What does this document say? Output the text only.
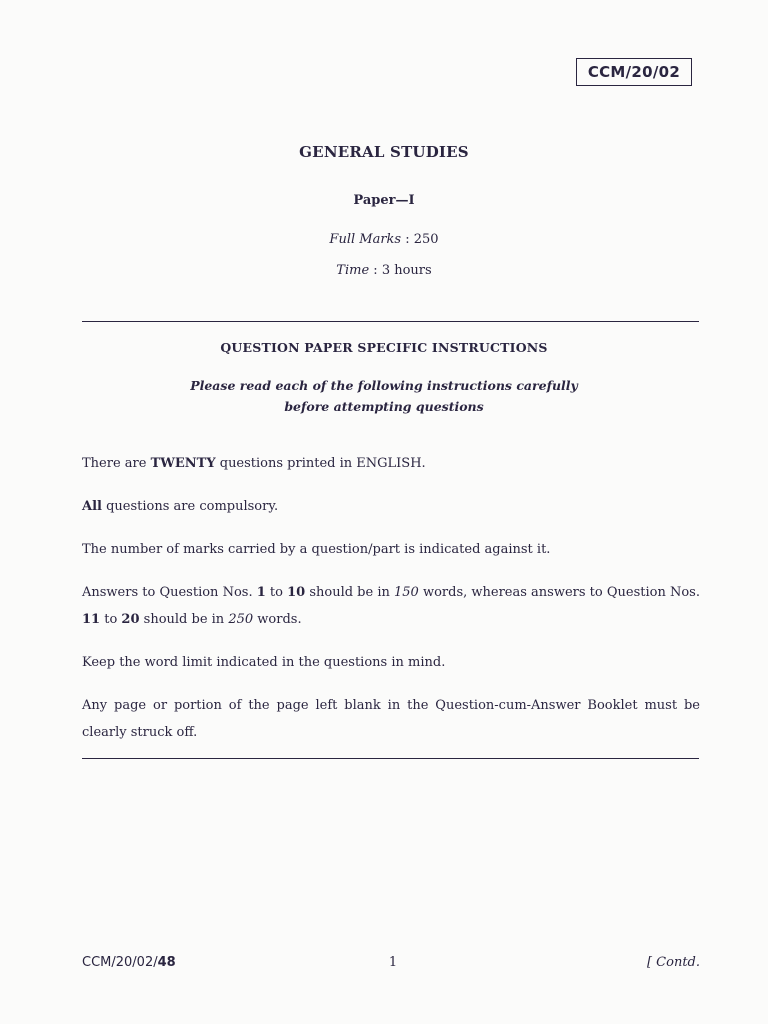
CCM/20/02
GENERAL STUDIES
Paper—I
Full Marks : 250
Time : 3 hours
QUESTION PAPER SPECIFIC INSTRUCTIONS
Please read each of the following instructions carefully
before attempting questions
There are TWENTY questions printed in ENGLISH.
All questions are compulsory.
The number of marks carried by a question/part is indicated against it.
Answers to Question Nos. 1 to 10 should be in 150 words, whereas answers to Question Nos. 11 to 20 should be in 250 words.
Keep the word limit indicated in the questions in mind.
Any page or portion of the page left blank in the Question-cum-Answer Booklet must be clearly struck off.
CCM/20/02/48	1	[ Contd.
